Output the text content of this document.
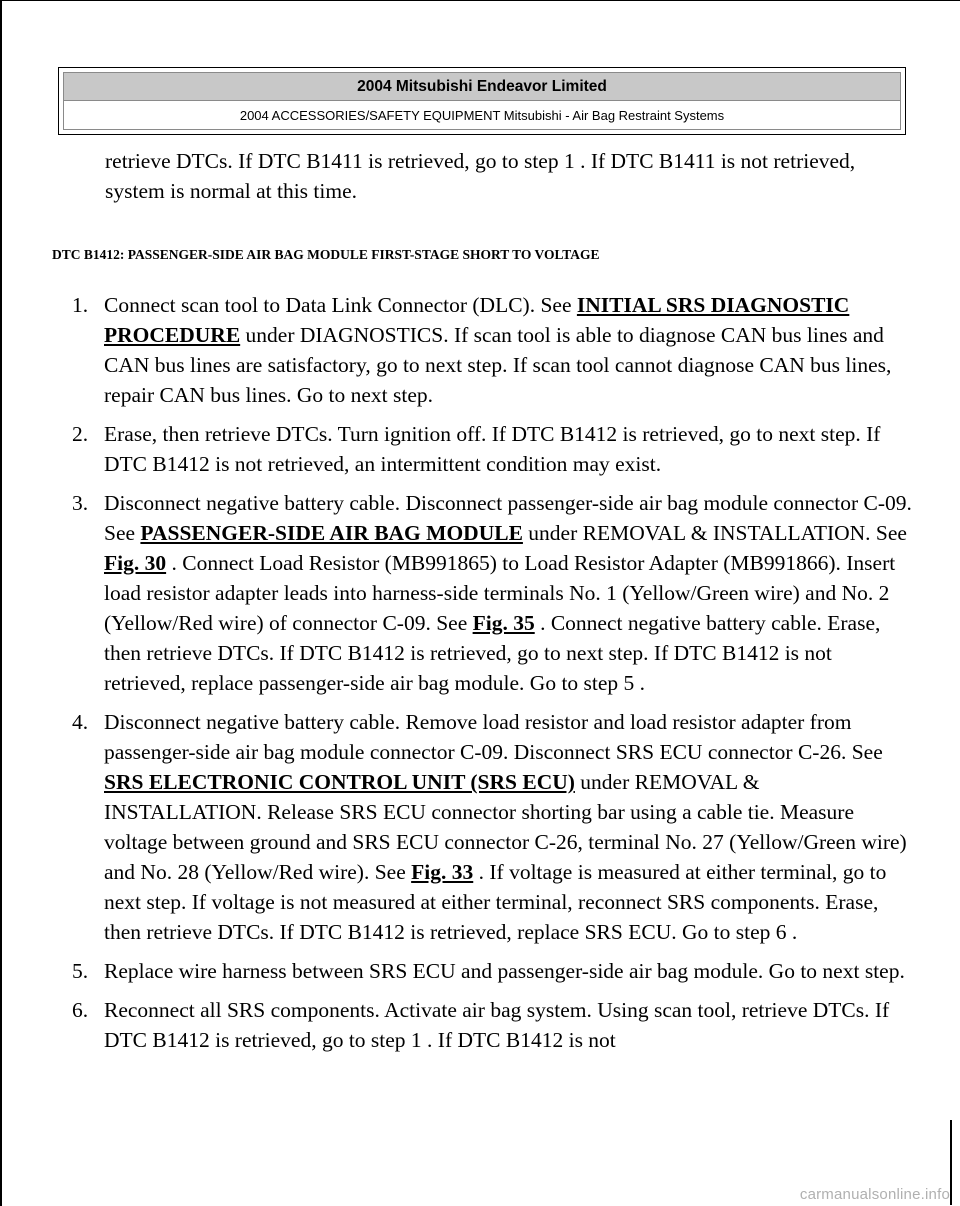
2004 Mitsubishi Endeavor Limited
2004 ACCESSORIES/SAFETY EQUIPMENT Mitsubishi - Air Bag Restraint Systems
retrieve DTCs. If DTC B1411 is retrieved, go to step 1 . If DTC B1411 is not retrieved, system is normal at this time.
DTC B1412: PASSENGER-SIDE AIR BAG MODULE FIRST-STAGE SHORT TO VOLTAGE
1. Connect scan tool to Data Link Connector (DLC). See INITIAL SRS DIAGNOSTIC PROCEDURE under DIAGNOSTICS. If scan tool is able to diagnose CAN bus lines and CAN bus lines are satisfactory, go to next step. If scan tool cannot diagnose CAN bus lines, repair CAN bus lines. Go to next step.
2. Erase, then retrieve DTCs. Turn ignition off. If DTC B1412 is retrieved, go to next step. If DTC B1412 is not retrieved, an intermittent condition may exist.
3. Disconnect negative battery cable. Disconnect passenger-side air bag module connector C-09. See PASSENGER-SIDE AIR BAG MODULE under REMOVAL & INSTALLATION. See Fig. 30 . Connect Load Resistor (MB991865) to Load Resistor Adapter (MB991866). Insert load resistor adapter leads into harness-side terminals No. 1 (Yellow/Green wire) and No. 2 (Yellow/Red wire) of connector C-09. See Fig. 35 . Connect negative battery cable. Erase, then retrieve DTCs. If DTC B1412 is retrieved, go to next step. If DTC B1412 is not retrieved, replace passenger-side air bag module. Go to step 5 .
4. Disconnect negative battery cable. Remove load resistor and load resistor adapter from passenger-side air bag module connector C-09. Disconnect SRS ECU connector C-26. See SRS ELECTRONIC CONTROL UNIT (SRS ECU) under REMOVAL & INSTALLATION. Release SRS ECU connector shorting bar using a cable tie. Measure voltage between ground and SRS ECU connector C-26, terminal No. 27 (Yellow/Green wire) and No. 28 (Yellow/Red wire). See Fig. 33 . If voltage is measured at either terminal, go to next step. If voltage is not measured at either terminal, reconnect SRS components. Erase, then retrieve DTCs. If DTC B1412 is retrieved, replace SRS ECU. Go to step 6 .
5. Replace wire harness between SRS ECU and passenger-side air bag module. Go to next step.
6. Reconnect all SRS components. Activate air bag system. Using scan tool, retrieve DTCs. If DTC B1412 is retrieved, go to step 1 . If DTC B1412 is not
carmanualsonline.info
